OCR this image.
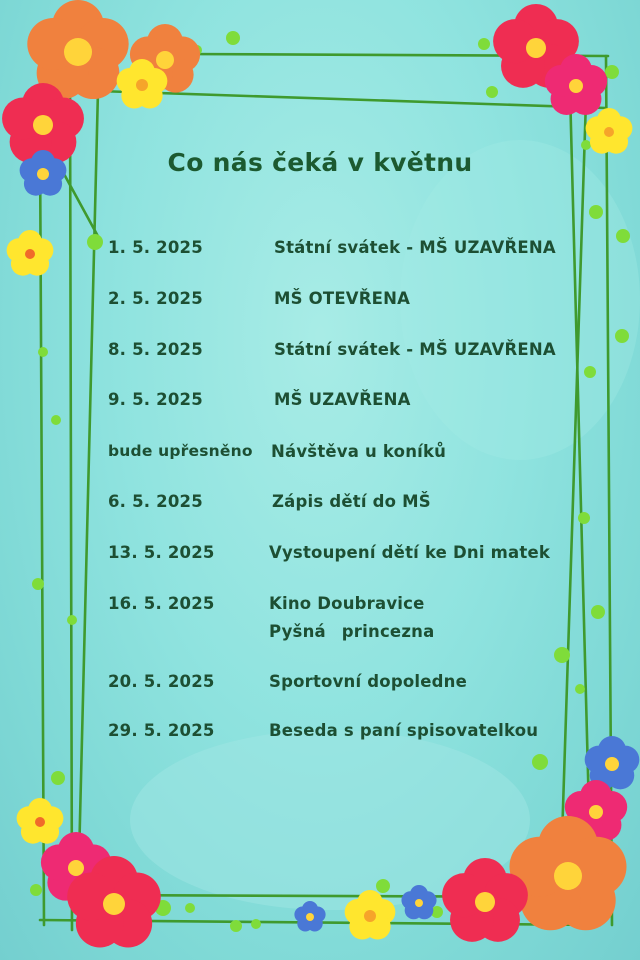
Co nás čeká v květnu
1. 5. 2025	Státní svátek - MŠ UZAVŘENA
2. 5. 2025	MŠ OTEVŘENA
8. 5. 2025	Státní svátek - MŠ UZAVŘENA
9. 5. 2025	MŠ UZAVŘENA
bude upřesněno Návštěva u koníků
6. 5. 2025	Zápis dětí do MŠ
13. 5. 2025	Vystoupení dětí ke Dni matek
16. 5. 2025	Kino Doubravice
Pyšná princezna
20. 5. 2025	Sportovní dopoledne
29. 5. 2025	Beseda s paní spisovatelkou
